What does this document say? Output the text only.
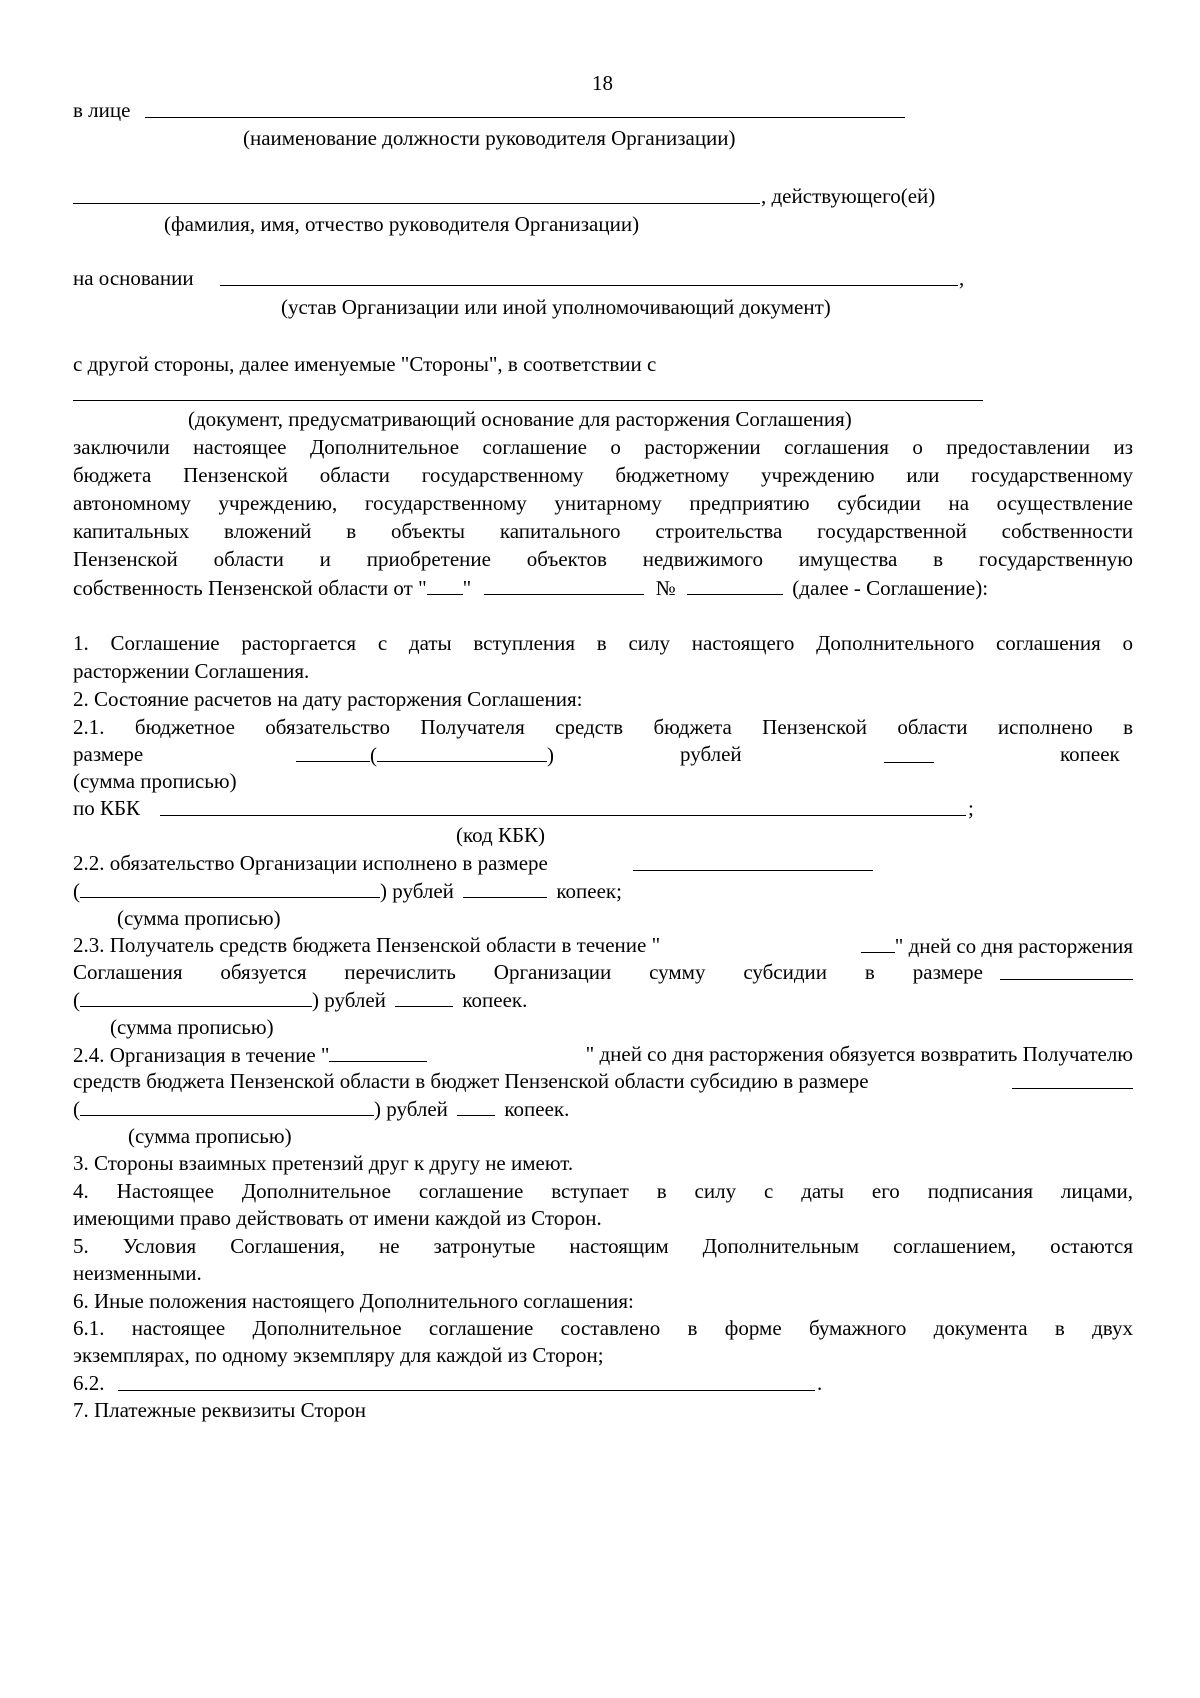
18
в лице
(наименование должности руководителя Организации)
, действующего(ей)
(фамилия, имя, отчество руководителя Организации)
на основании	,
(устав Организации или иной уполномочивающий документ)
с другой стороны, далее именуемые "Стороны", в соответствии с
(документ, предусматривающий основание для расторжения Соглашения)
заключили настоящее Дополнительное соглашение о расторжении соглашения о предоставлении из
бюджета Пензенской области государственному бюджетному учреждению или государственному
автономному учреждению, государственному унитарному предприятию субсидии на осуществление
капитальных вложений в объекты капитального строительства государственной собственности
Пензенской области и приобретение объектов недвижимого имущества в государственную
собственность Пензенской области от " "	№	(далее - Соглашение):
1. Соглашение расторгается с даты вступления в силу настоящего Дополнительного соглашения о
расторжении Соглашения.
2. Состояние расчетов на дату расторжения Соглашения:
2.1. бюджетное обязательство Получателя средств бюджета Пензенской области исполнено в
размере	(	)	рублей	копеек
(сумма прописью)
по КБК	;
(код КБК)
2.2. обязательство Организации исполнено в размере
(	) рублей	копеек;
(сумма прописью)
2.3. Получатель средств бюджета Пензенской области в течение "	" дней со дня расторжения
Соглашения обязуется перечислить Организации сумму субсидии в размере
(	) рублей	копеек.
(сумма прописью)
2.4. Организация в течение "	" дней со дня расторжения обязуется возвратить Получателю
средств бюджета Пензенской области в бюджет Пензенской области субсидию в размере
(	) рублей	копеек.
(сумма прописью)
3. Стороны взаимных претензий друг к другу не имеют.
4. Настоящее Дополнительное соглашение вступает в силу с даты его подписания лицами,
имеющими право действовать от имени каждой из Сторон.
5. Условия Соглашения, не затронутые настоящим Дополнительным соглашением, остаются
неизменными.
6. Иные положения настоящего Дополнительного соглашения:
6.1. настоящее Дополнительное соглашение составлено в форме бумажного документа в двух
экземплярах, по одному экземпляру для каждой из Сторон;
6.2.	.
7. Платежные реквизиты Сторон
